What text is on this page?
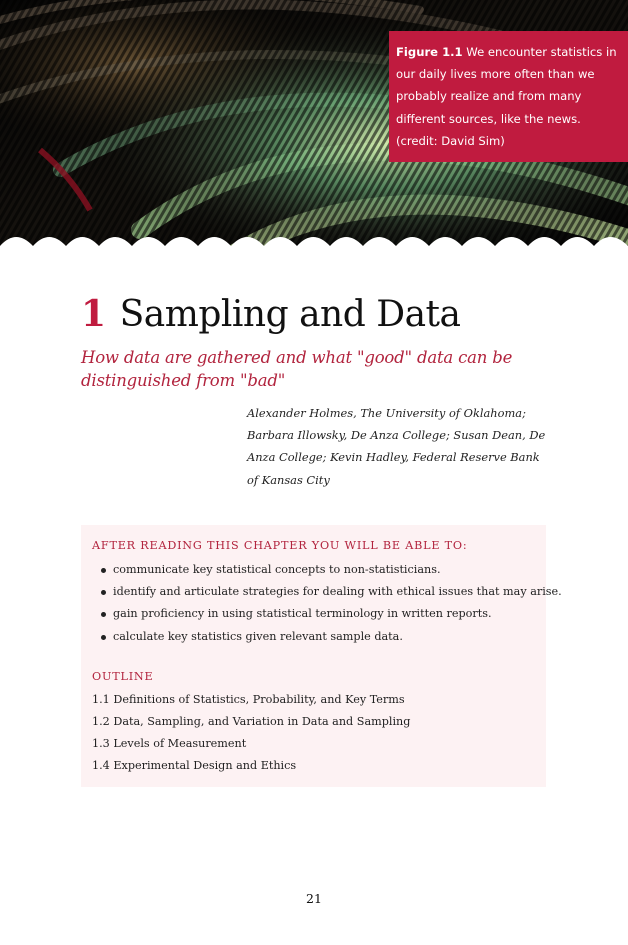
Figure 1.1 We encounter statistics in our daily lives more often than we probably realize and from many different sources, like the news. (credit: David Sim)
1 Sampling and Data

How data are gathered and what "good" data can be distinguished from "bad"

Alexander Holmes, The University of Oklahoma; Barbara Illowsky, De Anza College; Susan Dean, De Anza College; Kevin Hadley, Federal Reserve Bank of Kansas City

AFTER READING THIS CHAPTER YOU WILL BE ABLE TO:
communicate key statistical concepts to non-statisticians.
identify and articulate strategies for dealing with ethical issues that may arise.
gain proficiency in using statistical terminology in written reports.
calculate key statistics given relevant sample data.
OUTLINE
1.1 Definitions of Statistics, Probability, and Key Terms
1.2 Data, Sampling, and Variation in Data and Sampling
1.3 Levels of Measurement
1.4 Experimental Design and Ethics
21
